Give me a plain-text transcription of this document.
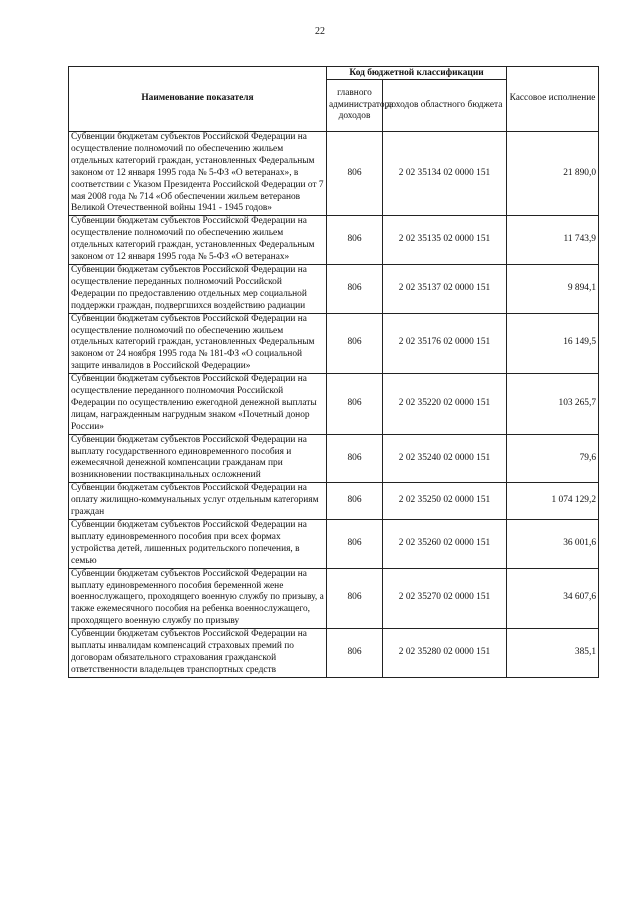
22
Наименование показателя	Код бюджетной классификации		Кассовое исполнение
	главного администратора доходов	доходов областного бюджета	
Субвенции бюджетам субъектов Российской Федерации на осуществление полномочий по обеспечению жильем отдельных категорий граждан, установленных Федеральным законом от 12 января 1995 года № 5-ФЗ «О ветеранах», в соответствии с Указом Президента Российской Федерации от 7 мая 2008 года № 714 «Об обеспечении жильем ветеранов Великой Отечественной войны 1941 - 1945 годов»	806	2 02 35134 02 0000 151	21 890,0
Субвенции бюджетам субъектов Российской Федерации на осуществление полномочий по обеспечению жильем отдельных категорий граждан, установленных Федеральным законом от 12 января 1995 года № 5-ФЗ «О ветеранах»	806	2 02 35135 02 0000 151	11 743,9
Субвенции бюджетам субъектов Российской Федерации на осуществление переданных полномочий Российской Федерации по предоставлению отдельных мер социальной поддержки граждан, подвергшихся воздействию радиации	806	2 02 35137 02 0000 151	9 894,1
Субвенции бюджетам субъектов Российской Федерации на осуществление полномочий по обеспечению жильем отдельных категорий граждан, установленных Федеральным законом от 24 ноября 1995 года № 181-ФЗ «О социальной защите инвалидов в Российской Федерации»	806	2 02 35176 02 0000 151	16 149,5
Субвенции бюджетам субъектов Российской Федерации на осуществление переданного полномочия Российской Федерации по осуществлению ежегодной денежной выплаты лицам, награжденным нагрудным знаком «Почетный донор России»	806	2 02 35220 02 0000 151	103 265,7
Субвенции бюджетам субъектов Российской Федерации на выплату государственного единовременного пособия и ежемесячной денежной компенсации гражданам при возникновении поствакцинальных осложнений	806	2 02 35240 02 0000 151	79,6
Субвенции бюджетам субъектов Российской Федерации на оплату жилищно-коммунальных услуг отдельным категориям граждан	806	2 02 35250 02 0000 151	1 074 129,2
Субвенции бюджетам субъектов Российской Федерации на выплату единовременного пособия при всех формах устройства детей, лишенных родительского попечения, в семью	806	2 02 35260 02 0000 151	36 001,6
Субвенции бюджетам субъектов Российской Федерации на выплату единовременного пособия беременной жене военнослужащего, проходящего военную службу по призыву, а также ежемесячного пособия на ребенка военнослужащего, проходящего военную службу по призыву	806	2 02 35270 02 0000 151	34 607,6
Субвенции бюджетам субъектов Российской Федерации на выплаты инвалидам компенсаций страховых премий по договорам обязательного страхования гражданской ответственности владельцев транспортных средств	806	2 02 35280 02 0000 151	385,1
